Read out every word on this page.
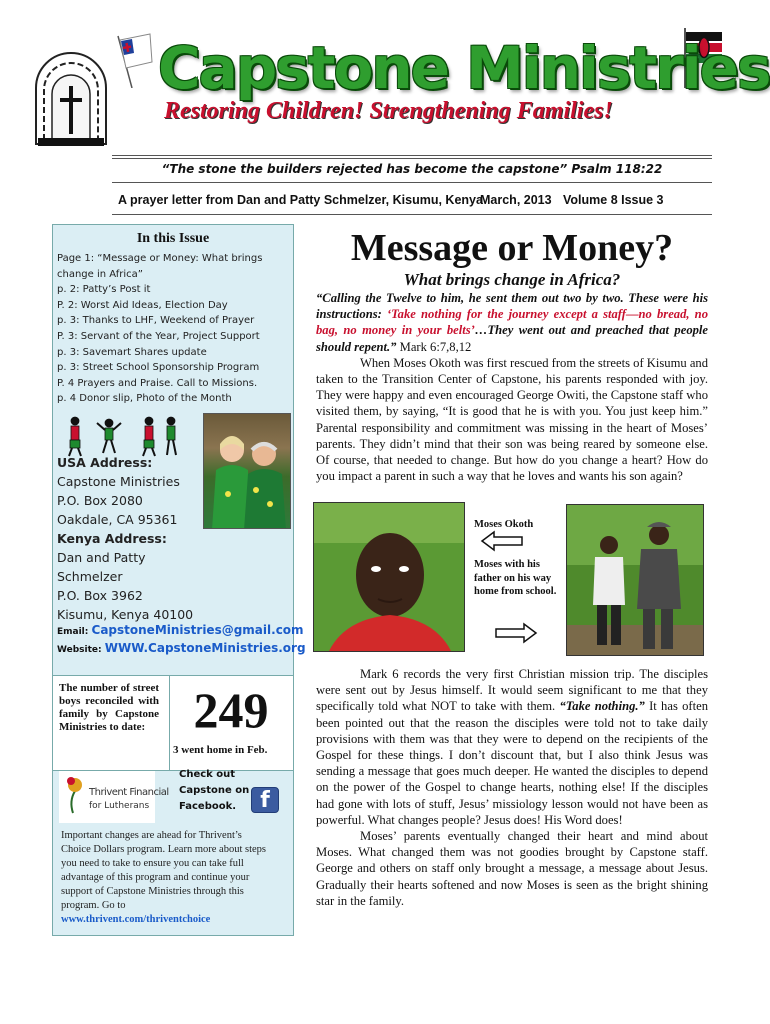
Capstone Ministries
Restoring Children! Strengthening Families!
“The stone the builders rejected has become the capstone” Psalm 118:22
A prayer letter from Dan and Patty Schmelzer, Kisumu, Kenya
March, 2013 Volume 8 Issue 3
In this Issue
Page 1: “Message or Money: What brings
change in Africa”
p. 2: Patty’s Post it
P. 2: Worst Aid Ideas, Election Day
p. 3: Thanks to LHF, Weekend of Prayer
P. 3: Servant of the Year, Project Support
p. 3: Savemart Shares update
p. 3: Street School Sponsorship Program
P. 4 Prayers and Praise. Call to Missions.
p. 4 Donor slip, Photo of the Month
USA Address:
Capstone Ministries
P.O. Box 2080
Oakdale, CA 95361
Kenya Address:
Dan and Patty Schmelzer
P.O. Box 3962
Kisumu, Kenya 40100
Email: CapstoneMinistries@gmail.com
Website: WWW.CapstoneMinistries.org
The number of street boys reconciled with family by Capstone Ministries to date: 249
3 went home in Feb.
Check out Capstone on Facebook.	f
Thrivent Financial
for Lutherans
Important changes are ahead for Thrivent’s Choice Dollars program. Learn more about steps you need to take to ensure you can take full advantage of this program and continue your support of Capstone Ministries through this program. Go to
www.thrivent.com/thriventchoice
Message or Money?
What brings change in Africa?
“Calling the Twelve to him, he sent them out two by two. These were his instructions: ‘Take nothing for the journey except a staff—no bread, no bag, no money in your belts’…They went out and preached that people should repent.” Mark 6:7,8,12
When Moses Okoth was first rescued from the streets of Kisumu and taken to the Transition Center of Capstone, his parents responded with joy. They were happy and even encouraged George Owiti, the Capstone staff who visited them, by saying, “It is good that he is with you. You just keep him.” Parental responsibility and commitment was missing in the heart of Moses’ parents. They didn’t mind that their son was being reared by someone else. Of course, that needed to change. But how do you change a heart? How do you impact a parent in such a way that he loves and wants his son again?
Moses Okoth
Moses with his father on his way home from school.
Mark 6 records the very first Christian mission trip. The disciples were sent out by Jesus himself. It would seem significant to me that they specifically told what NOT to take with them. “Take nothing.” It has often been pointed out that the reason the disciples were told not to take daily provisions with them was that they were to depend on the recipients of the Gospel for these things. I don’t discount that, but I also think Jesus was sending a message that goes much deeper. He wanted the disciples to depend on the power of the Gospel to change hearts, nothing else! If the disciples had gone with lots of stuff, Jesus’ missiology lesson would not have been as powerful. What changes people? Jesus does! His Word does!
Moses’ parents eventually changed their heart and mind about Moses. What changed them was not goodies brought by Capstone staff. George and others on staff only brought a message, a message about Jesus. Gradually their hearts softened and now Moses is seen as the bright shining star in the family.
